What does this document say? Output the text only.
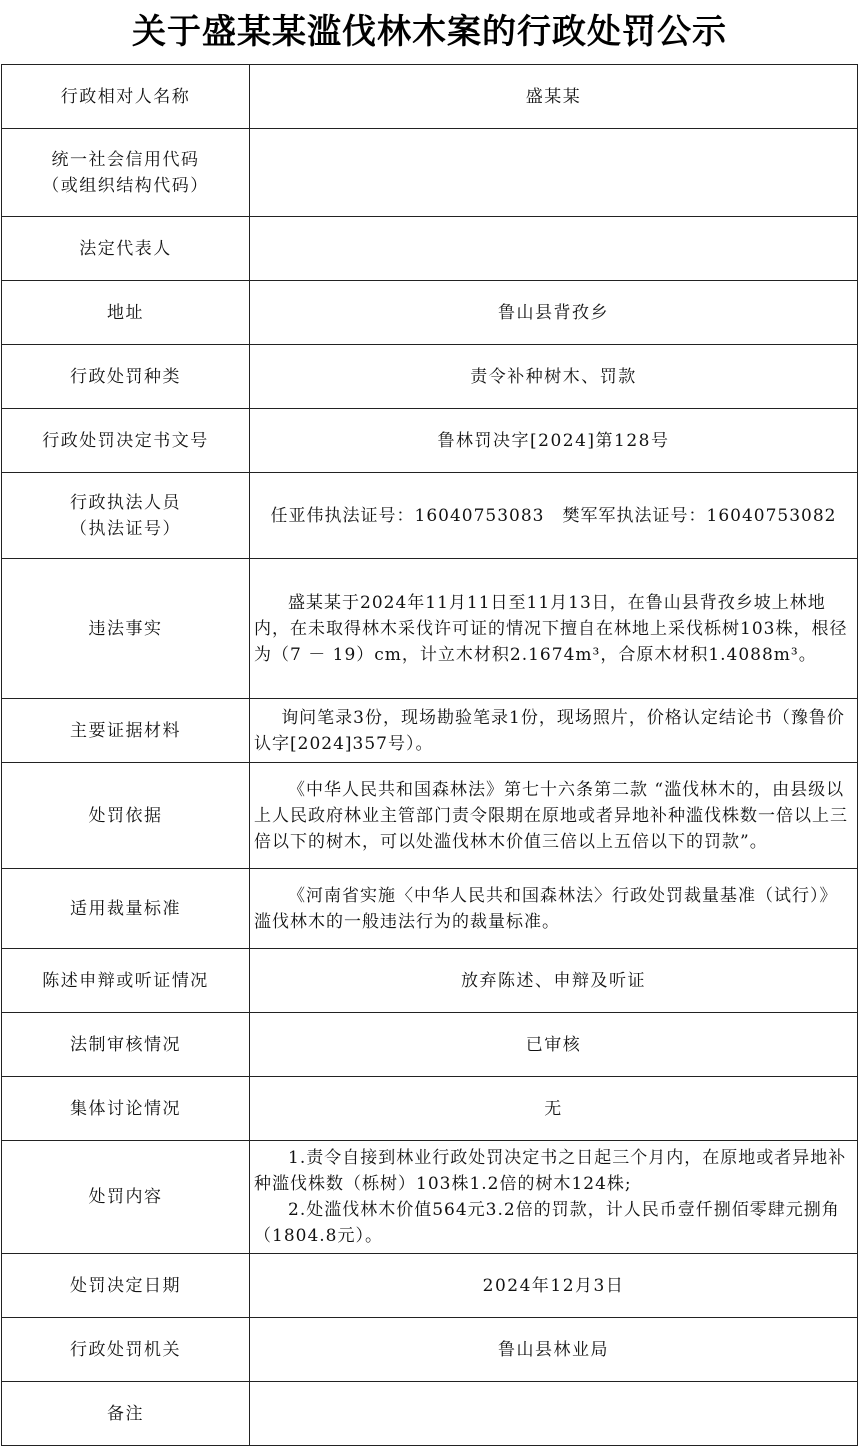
关于盛某某滥伐林木案的行政处罚公示
行政相对人名称	盛某某

统一社会信用代码
（或组织结构代码）	

法定代表人	
地址	鲁山县背孜乡
行政处罚种类	责令补种树木、罚款
行政处罚决定书文号	鲁林罚决字[2024]第128号

行政执法人员
（执法证号）	任亚伟执法证号：16040753083 樊军军执法证号：16040753082
违法事实	盛某某于2024年11月11日至11月13日，在鲁山县背孜乡坡上林地内，在未取得林木采伐许可证的情况下擅自在林地上采伐栎树103株，根径为（7 － 19）cm，计立木材积2.1674m³，合原木材积1.4088m³。

主要证据材料	询问笔录3份，现场勘验笔录1份，现场照片，价格认定结论书（豫鲁价认字[2024]357号）。

处罚依据	《中华人民共和国森林法》第七十六条第二款 “滥伐林木的，由县级以上人民政府林业主管部门责令限期在原地或者异地补种滥伐株数一倍以上三倍以下的树木，可以处滥伐林木价值三倍以上五倍以下的罚款”。

适用裁量标准	《河南省实施〈中华人民共和国森林法〉行政处罚裁量基准（试行）》滥伐林木的一般违法行为的裁量标准。

陈述申辩或听证情况	放弃陈述、申辩及听证
法制审核情况	已审核
集体讨论情况	无
处罚内容	1.责令自接到林业行政处罚决定书之日起三个月内，在原地或者异地补种滥伐株数（栎树）103株1.2倍的树木124株;
2.处滥伐林木价值564元3.2倍的罚款，计人民币壹仟捌佰零肆元捌角（1804.8元）。

处罚决定日期	2024年12月3日
行政处罚机关	鲁山县林业局
备注	
